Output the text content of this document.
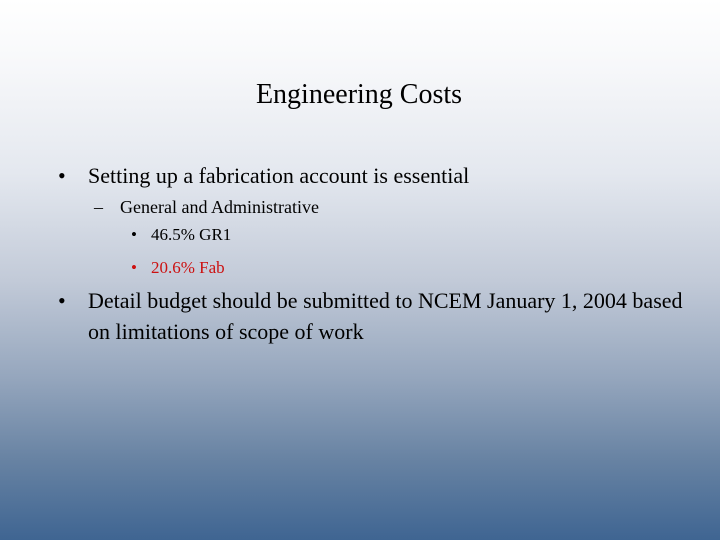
Engineering Costs
• Setting up a fabrication account is essential
– General and Administrative
• 46.5% GR1
• 20.6% Fab
• Detail budget should be submitted to NCEM January 1, 2004 based on limitations of scope of work
